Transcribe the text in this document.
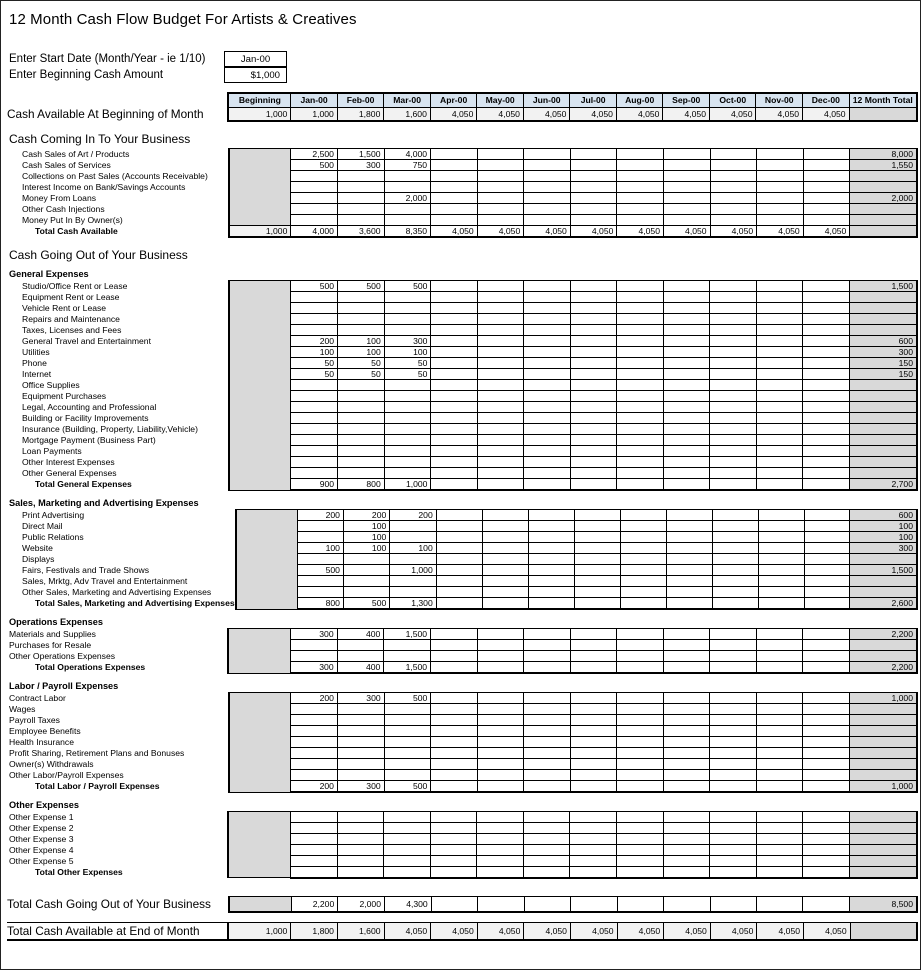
12 Month Cash Flow Budget For Artists & Creatives
Enter Start Date (Month/Year - ie 1/10)	Jan-00
Enter Beginning Cash Amount	$1,000
	Beginning	Jan-00	Feb-00	Mar-00	Apr-00	May-00	Jun-00	Jul-00	Aug-00	Sep-00	Oct-00	Nov-00	Dec-00	12 Month Total
Cash Available At Beginning of Month	1,000	1,000	1,800	1,600	4,050	4,050	4,050	4,050	4,050	4,050	4,050	4,050	4,050	
Cash Coming In To Your Business
Cash Sales of Art / Products		2,500	1,500	4,000										8,000
Cash Sales of Services		500	300	750										1,550
Collections on Past Sales (Accounts Receivable)														
Interest Income on Bank/Savings Accounts														
Money From Loans				2,000										2,000
Other Cash Injections														
Money Put In By Owner(s)														
Total Cash Available	1,000	4,000	3,600	8,350	4,050	4,050	4,050	4,050	4,050	4,050	4,050	4,050	4,050	
Cash Going Out of Your Business
General Expenses
Studio/Office Rent or Lease		500	500	500										1,500
Equipment Rent or Lease														
Vehicle Rent or Lease														
Repairs and Maintenance														
Taxes, Licenses and Fees														
General Travel and Entertainment		200	100	300										600
Utilities		100	100	100										300
Phone		50	50	50										150
Internet		50	50	50										150
Office Supplies														
Equipment Purchases														
Legal, Accounting and Professional														
Building or Facility Improvements														
Insurance (Building, Property, Liability,Vehicle)														
Mortgage Payment (Business Part)														
Loan Payments														
Other Interest Expenses														
Other General Expenses														
Total General Expenses		900	800	1,000										2,700
Sales, Marketing and Advertising Expenses
Print Advertising		200	200	200										600
Direct Mail			100											100
Public Relations			100											100
Website		100	100	100										300
Displays														
Fairs, Festivals and Trade Shows		500		1,000										1,500
Sales, Mrktg, Adv Travel and Entertainment														
Other Sales, Marketing and Advertising Expenses														
Total Sales, Marketing and Advertising Expenses		800	500	1,300										2,600
Operations Expenses
Materials and Supplies		300	400	1,500										2,200
Purchases for Resale														
Other Operations Expenses														
Total Operations Expenses		300	400	1,500										2,200
Labor / Payroll Expenses
Contract Labor		200	300	500										1,000
Wages														
Payroll Taxes														
Employee Benefits														
Health Insurance														
Profit Sharing, Retirement Plans and Bonuses														
Owner(s) Withdrawals														
Other Labor/Payroll Expenses														
Total Labor / Payroll Expenses		200	300	500										1,000
Other Expenses
Other Expense 1														
Other Expense 2														
Other Expense 3														
Other Expense 4														
Other Expense 5														
Total Other Expenses														
Total Cash Going Out of Your Business		2,200	2,000	4,300										8,500
Total Cash Available at End of Month	1,000	1,800	1,600	4,050	4,050	4,050	4,050	4,050	4,050	4,050	4,050	4,050	4,050	
